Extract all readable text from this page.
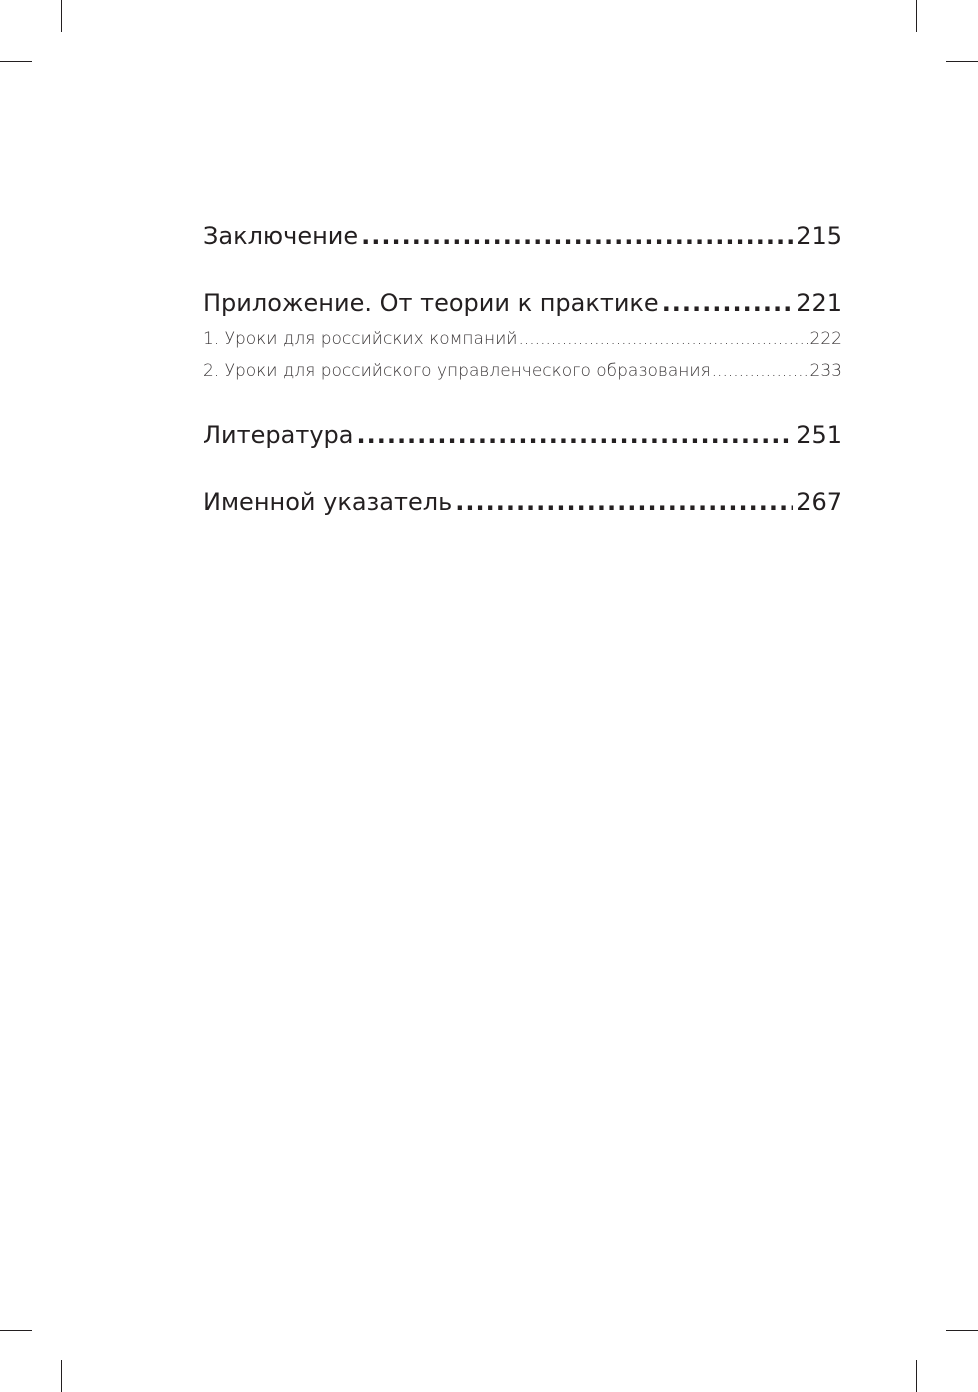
Заключение .....	215
Приложение. От теории к практике .....	221
1. Уроки для российских компаний .....	222
2. Уроки для российского управленческого образования .....	233
Литература .....	251
Именной указатель .....	267
